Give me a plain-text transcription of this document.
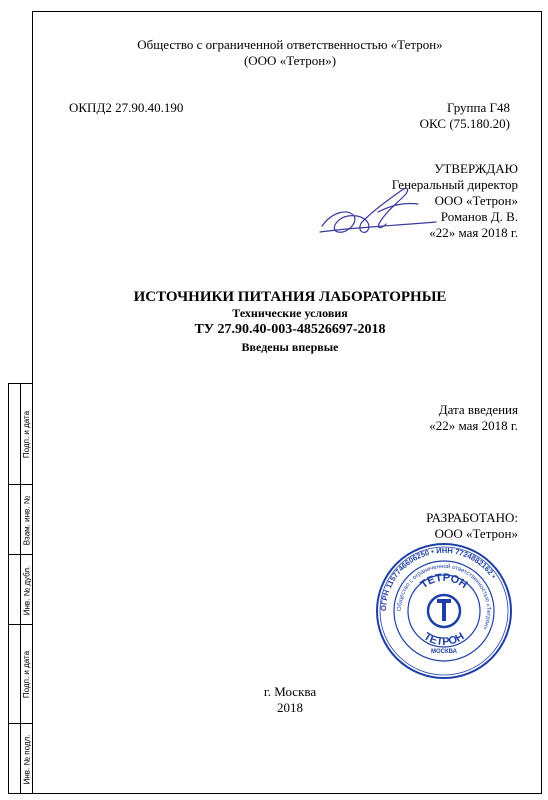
Подп. и дата
Взам. инв. №
Инв. № дубл.
Подп. и дата
Инв. № подл.
Общество с ограниченной ответственностью «Тетрон»
(ООО «Тетрон»)
ОКПД2 27.90.40.190	Группа Г48
ОКС (75.180.20)
УТВЕРЖДАЮ
Генеральный директор
ООО «Тетрон»
Романов Д. В.
«22» мая 2018 г.
ИСТОЧНИКИ ПИТАНИЯ ЛАБОРАТОРНЫЕ
Технические условия
ТУ 27.90.40-003-48526697-2018
Введены впервые
Дата введения
«22» мая 2018 г.
РАЗРАБОТАНО:
ООО «Тетрон»
ОГРН 1157746606250 • ИНН 7724882162 •
Общество с ограниченной ответственностью «Тетрон»
ТЕТРОН
ТЕТРОН
МОСКВА
г. Москва
2018
